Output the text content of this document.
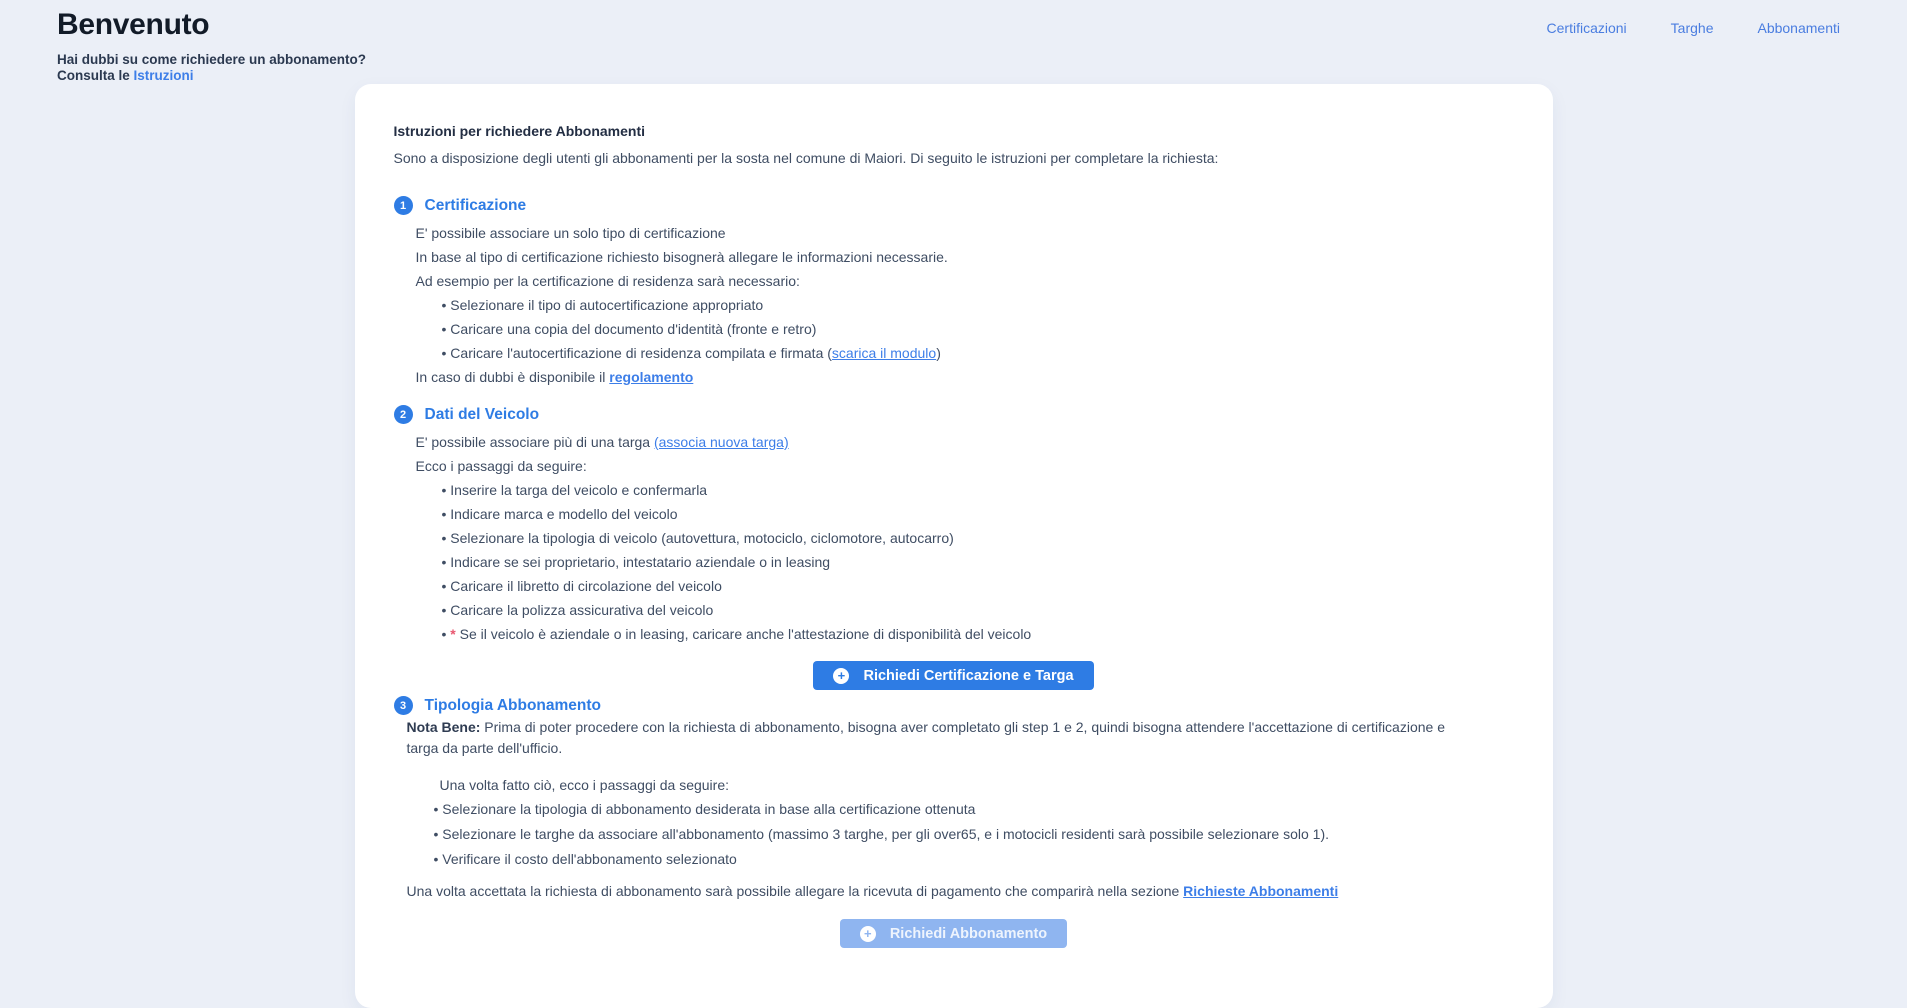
Benvenuto
Hai dubbi su come richiedere un abbonamento?
Consulta le Istruzioni
Certificazioni	Targhe	Abbonamenti
Istruzioni per richiedere Abbonamenti
Sono a disposizione degli utenti gli abbonamenti per la sosta nel comune di Maiori. Di seguito le istruzioni per completare la richiesta:
1	Certificazione
E' possibile associare un solo tipo di certificazione
In base al tipo di certificazione richiesto bisognerà allegare le informazioni necessarie.
Ad esempio per la certificazione di residenza sarà necessario:
• Selezionare il tipo di autocertificazione appropriato
• Caricare una copia del documento d'identità (fronte e retro)
• Caricare l'autocertificazione di residenza compilata e firmata (scarica il modulo)
In caso di dubbi è disponibile il regolamento
2	Dati del Veicolo
E' possibile associare più di una targa (associa nuova targa)
Ecco i passaggi da seguire:
• Inserire la targa del veicolo e confermarla
• Indicare marca e modello del veicolo
• Selezionare la tipologia di veicolo (autovettura, motociclo, ciclomotore, autocarro)
• Indicare se sei proprietario, intestatario aziendale o in leasing
• Caricare il libretto di circolazione del veicolo
• Caricare la polizza assicurativa del veicolo
• * Se il veicolo è aziendale o in leasing, caricare anche l'attestazione di disponibilità del veicolo
+
Richiedi Certificazione e Targa
3	Tipologia Abbonamento

Nota Bene: Prima di poter procedere con la richiesta di abbonamento, bisogna aver completato gli step 1 e 2, quindi bisogna attendere l'accettazione di certificazione e targa da parte dell'ufficio.

Una volta fatto ciò, ecco i passaggi da seguire:
• Selezionare la tipologia di abbonamento desiderata in base alla certificazione ottenuta
• Selezionare le targhe da associare all'abbonamento (massimo 3 targhe, per gli over65, e i motocicli residenti sarà possibile selezionare solo 1).
• Verificare il costo dell'abbonamento selezionato
Una volta accettata la richiesta di abbonamento sarà possibile allegare la ricevuta di pagamento che comparirà nella sezione Richieste Abbonamenti
+
Richiedi Abbonamento
